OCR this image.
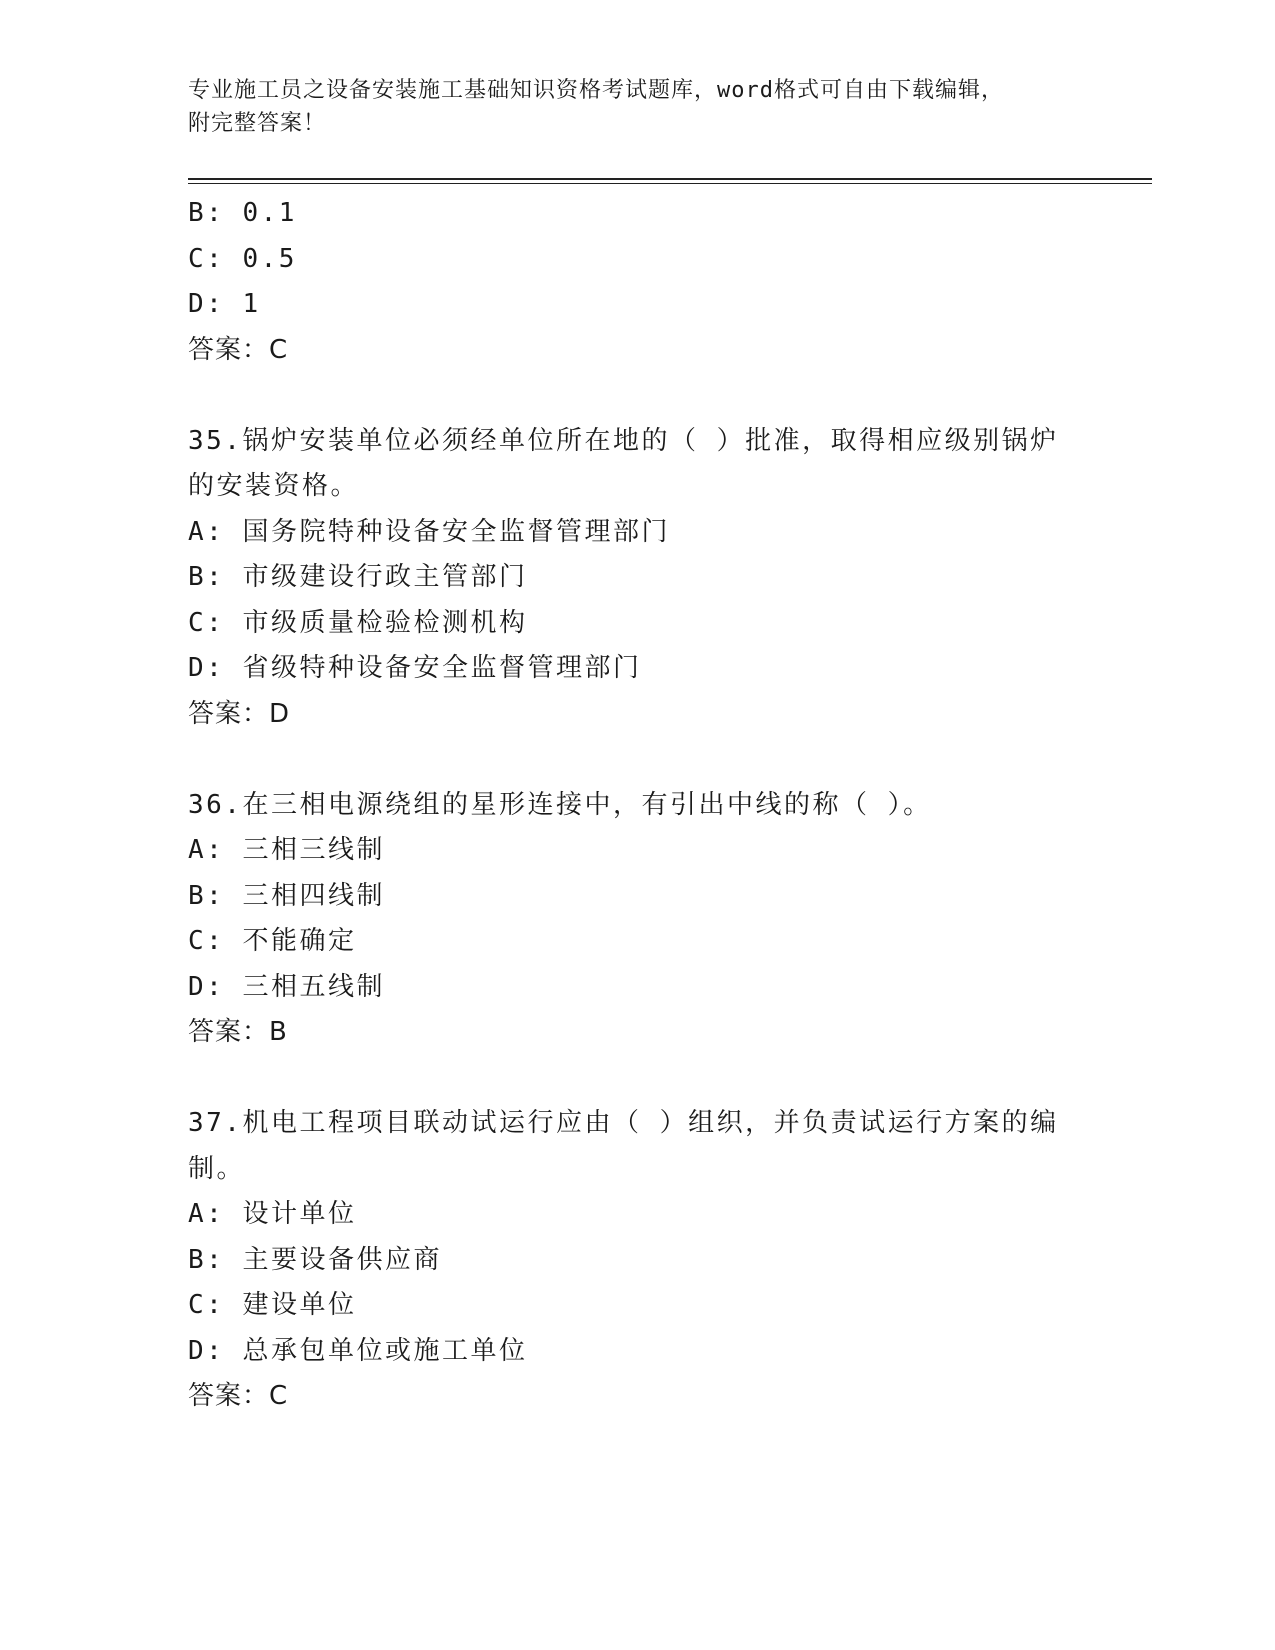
专业施工员之设备安装施工基础知识资格考试题库，word格式可自由下载编辑，
附完整答案！
B: 0.1
C: 0.5
D: 1
答案：C
35.锅炉安装单位必须经单位所在地的（ ）批准，取得相应级别锅炉
的安装资格。
A: 国务院特种设备安全监督管理部门
B: 市级建设行政主管部门
C: 市级质量检验检测机构
D: 省级特种设备安全监督管理部门
答案：D
36.在三相电源绕组的星形连接中，有引出中线的称（ ）。
A: 三相三线制
B: 三相四线制
C: 不能确定
D: 三相五线制
答案：B
37.机电工程项目联动试运行应由（ ）组织，并负责试运行方案的编
制。
A: 设计单位
B: 主要设备供应商
C: 建设单位
D: 总承包单位或施工单位
答案：C
